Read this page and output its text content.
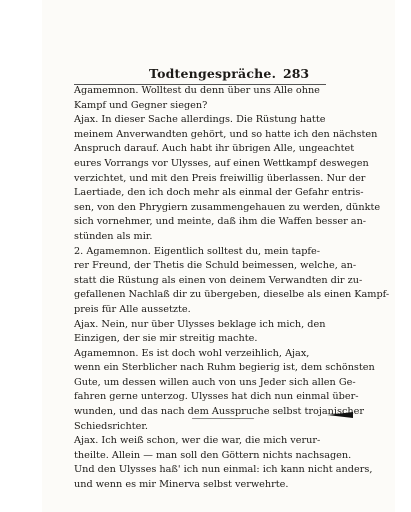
Todtengespräche. 283
Agamemnon. Wolltest du denn über uns Alle ohne
Kampf und Gegner siegen?
Ajax. In dieser Sache allerdings. Die Rüstung hatte
meinem Anverwandten gehört, und so hatte ich den nächsten
Anspruch darauf. Auch habt ihr übrigen Alle, ungeachtet
eures Vorrangs vor Ulysses, auf einen Wettkampf deswegen
verzichtet, und mit den Preis freiwillig überlassen. Nur der
Laertiade, den ich doch mehr als einmal der Gefahr entris-
sen, von den Phrygiern zusammengehauen zu werden, dünkte
sich vornehmer, und meinte, daß ihm die Waffen besser an-
stünden als mir.
2. Agamemnon. Eigentlich solltest du, mein tapfe-
rer Freund, der Thetis die Schuld beimessen, welche, an-
statt die Rüstung als einen von deinem Verwandten dir zu-
gefallenen Nachlaß dir zu übergeben, dieselbe als einen Kampf-
preis für Alle aussetzte.
Ajax. Nein, nur über Ulysses beklage ich mich, den
Einzigen, der sie mir streitig machte.
Agamemnon. Es ist doch wohl verzeihlich, Ajax,
wenn ein Sterblicher nach Ruhm begierig ist, dem schönsten
Gute, um dessen willen auch von uns Jeder sich allen Ge-
fahren gerne unterzog. Ulysses hat dich nun einmal über-
wunden, und das nach dem Ausspruche selbst trojanischer
Schiedsrichter.
Ajax. Ich weiß schon, wer die war, die mich verur-
theilte. Allein — man soll den Göttern nichts nachsagen.
Und den Ulysses haß' ich nun einmal: ich kann nicht anders,
und wenn es mir Minerva selbst verwehrte.
